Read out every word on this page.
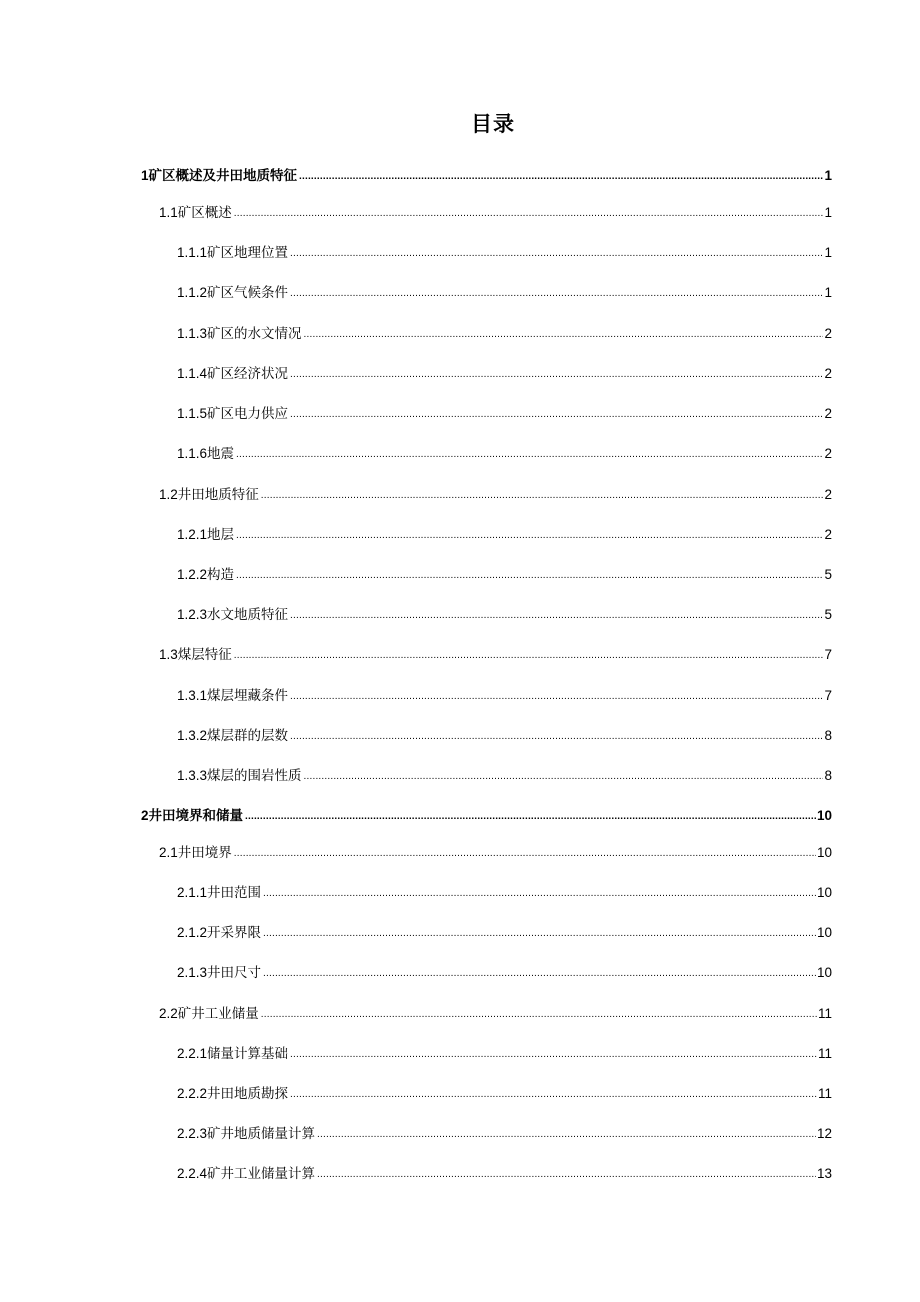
目录
1 矿区概述及井田地质特征 .....	1
1.1 矿区概述 .....	1
1.1.1 矿区地理位置 .....	1
1.1.2 矿区气候条件 .....	1
1.1.3 矿区的水文情况 .....	2
1.1.4 矿区经济状况 .....	2
1.1.5 矿区电力供应 .....	2
1.1.6 地震 .....	2
1.2 井田地质特征 .....	2
1.2.1 地层 .....	2
1.2.2 构造 .....	5
1.2.3 水文地质特征 .....	5
1.3 煤层特征 .....	7
1.3.1 煤层埋藏条件 .....	7
1.3.2 煤层群的层数 .....	8
1.3.3 煤层的围岩性质 .....	8
2 井田境界和储量 .....	10
2.1 井田境界 .....	10
2.1.1 井田范围 .....	10
2.1.2 开采界限 .....	10
2.1.3 井田尺寸 .....	10
2.2 矿井工业储量 .....	11
2.2.1 储量计算基础 .....	11
2.2.2 井田地质勘探 .....	11
2.2.3 矿井地质储量计算 .....	12
2.2.4 矿井工业储量计算 .....	13
